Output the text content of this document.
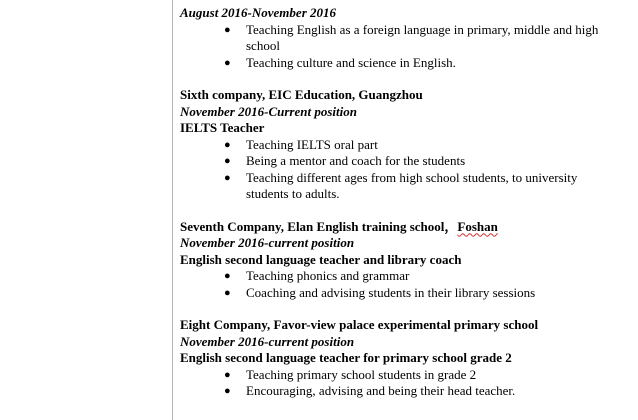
August 2016-November 2016

● Teaching English as a foreign language in primary, middle and high school
● Teaching culture and science in English.

Sixth company, EIC Education, Guangzhou

November 2016-Current position

IELTS Teacher

● Teaching IELTS oral part
● Being a mentor and coach for the students
● Teaching different ages from high school students, to university students to adults.

Seventh Company, Elan English training school，Foshan

November 2016-current position

English second language teacher and library coach

● Teaching phonics and grammar
● Coaching and advising students in their library sessions

Eight Company, Favor-view palace experimental primary school

November 2016-current position

English second language teacher for primary school grade 2

● Teaching primary school students in grade 2
● Encouraging, advising and being their head teacher.
